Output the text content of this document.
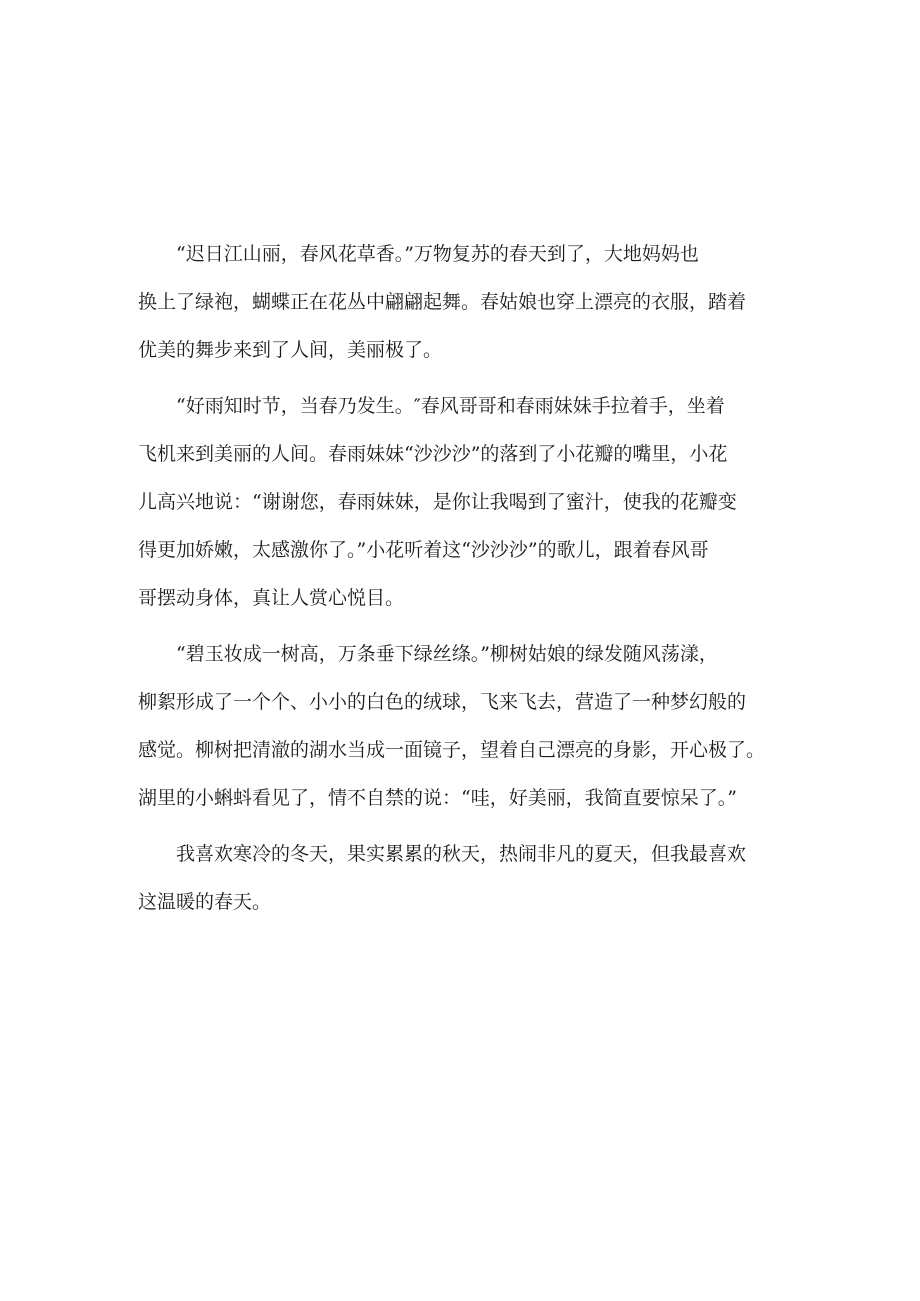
“迟日江山丽，春风花草香。”万物复苏的春天到了，大地妈妈也
换上了绿袍，蝴蝶正在花丛中翩翩起舞。春姑娘也穿上漂亮的衣服，踏着
优美的舞步来到了人间，美丽极了。
“好雨知时节，当春乃发生。″春风哥哥和春雨妹妹手拉着手，坐着
飞机来到美丽的人间。春雨妹妹“沙沙沙”的落到了小花瓣的嘴里，小花
儿高兴地说：“谢谢您，春雨妹妹，是你让我喝到了蜜汁，使我的花瓣变
得更加娇嫩，太感激你了。”小花听着这“沙沙沙”的歌儿，跟着春风哥
哥摆动身体，真让人赏心悦目。
“碧玉妆成一树高，万条垂下绿丝绦。”柳树姑娘的绿发随风荡漾，
柳絮形成了一个个、小小的白色的绒球，飞来飞去，营造了一种梦幻般的
感觉。柳树把清澈的湖水当成一面镜子，望着自己漂亮的身影，开心极了。
湖里的小蝌蚪看见了，情不自禁的说：“哇，好美丽，我简直要惊呆了。”
我喜欢寒冷的冬天，果实累累的秋天，热闹非凡的夏天，但我最喜欢
这温暖的春天。
